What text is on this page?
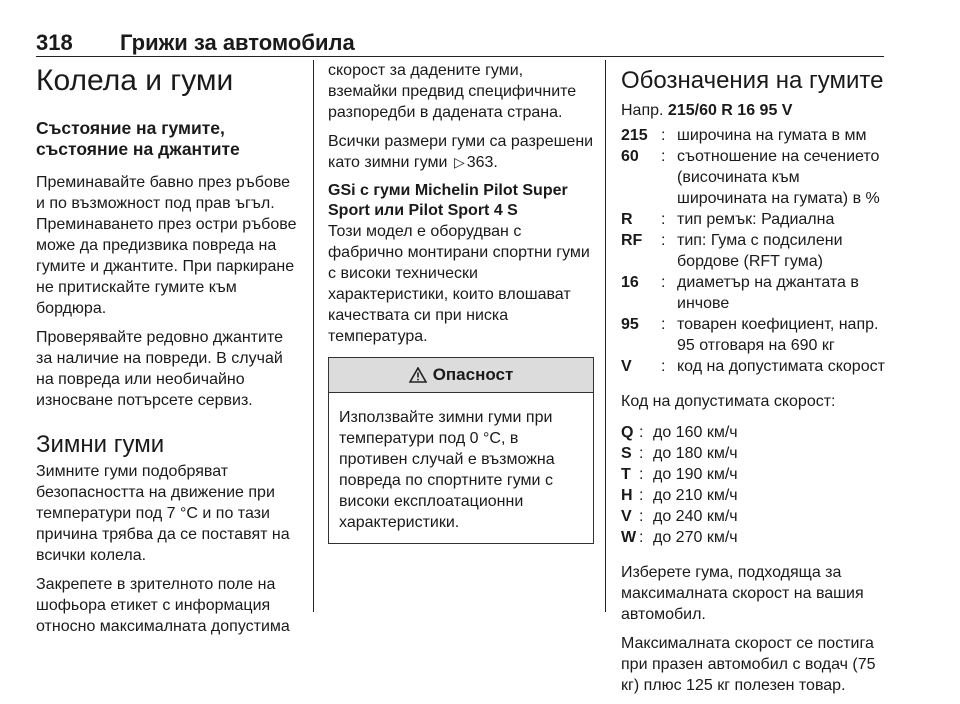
318 Грижи за автомобила
Колела и гуми
Състояние на гумите, състояние на джантите

Преминавайте бавно през ръбове и по възможност под прав ъгъл. Преминаването през остри ръбове може да предизвика повреда на гумите и джантите. При паркиране не притискайте гумите към бордюра.

Проверявайте редовно джантите за наличие на повреди. В случай на повреда или необичайно износване потърсете сервиз.

Зимни гуми

Зимните гуми подобряват безопасността на движение при температури под 7 °C и по тази причина трябва да се поставят на всички колела.

Закрепете в зрителното поле на шофьора етикет с информация относно максималната допустима

скорост за дадените гуми, вземайки предвид специфичните разпоредби в дадената страна.

Всички размери гуми са разрешени като зимни гуми ▷ 363.

GSi с гуми Michelin Pilot Super Sport или Pilot Sport 4 S

Този модел е оборудван с фабрично монтирани спортни гуми с високи технически характеристики, които влошават качествата си при ниска температура.

Опасност
Използвайте зимни гуми при температури под 0 °C, в противен случай е възможна повреда по спортните гуми с високи експлоатационни характеристики.
Обозначения на гумите

Напр. 215/60 R 16 95 V

215 : широчина на гумата в мм
60	: съотношение на сечението (височината към широчината на гумата) в %
R	: тип ремък: Радиална
RF	: тип: Гума с подсилени бордове (RFT гума)
16	: диаметър на джантата в инчове
95	: товарен коефициент, напр. 95 отговаря на 690 кг
V	: код на допустимата скорост

Код на допустимата скорост:

Q : до 160 км/ч
S : до 180 км/ч
T : до 190 км/ч
H : до 210 км/ч
V : до 240 км/ч
W : до 270 км/ч

Изберете гума, подходяща за максималната скорост на вашия автомобил.

Максималната скорост се постига при празен автомобил с водач (75 кг) плюс 125 кг полезен товар.
